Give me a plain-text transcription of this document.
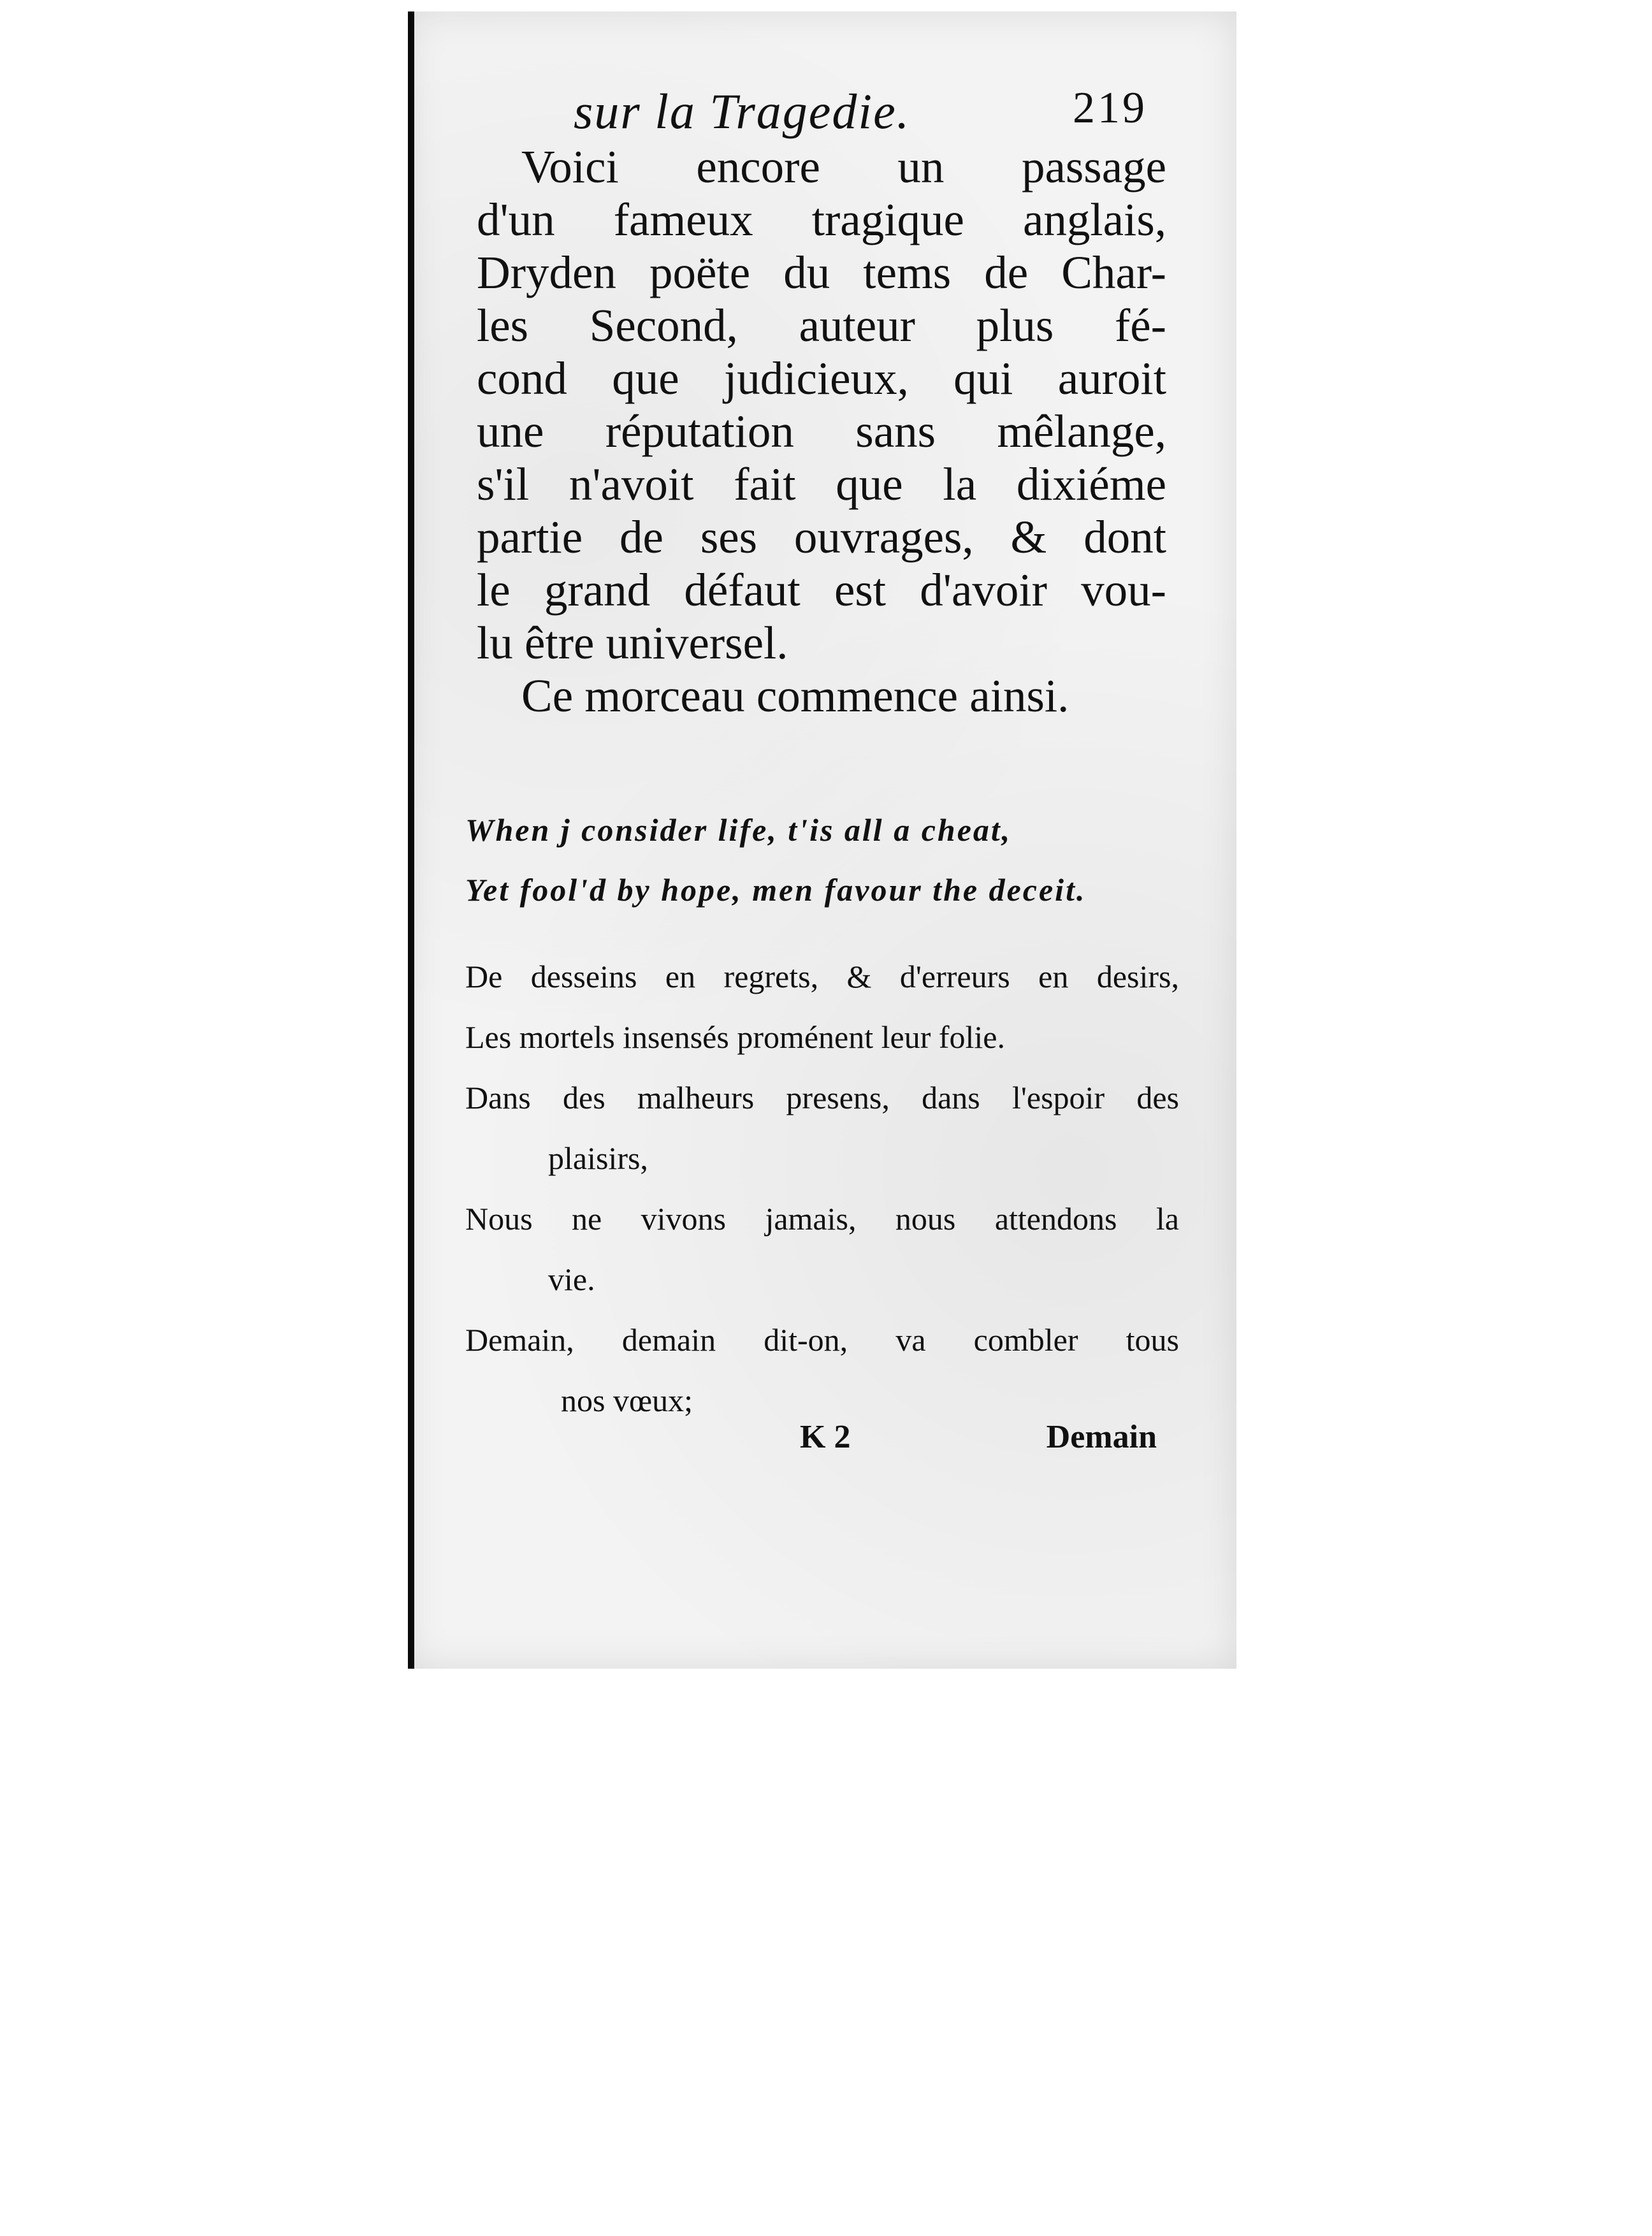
sur la Tragedie.	219
Voici encore un passage
d'un fameux tragique anglais,
Dryden poëte du tems de Char-
les Second, auteur plus fé-
cond que judicieux, qui auroit
une réputation sans mêlange,
s'il n'avoit fait que la dixiéme
partie de ses ouvrages, & dont
le grand défaut est d'avoir vou-
lu être universel.
Ce morceau commence ainsi.
When j consider life, t'is all a cheat,
Yet fool'd by hope, men favour the deceit.
De desseins en regrets, & d'erreurs en desirs,
Les mortels insensés proménent leur folie.
Dans des malheurs presens, dans l'espoir des
plaisirs,
Nous ne vivons jamais, nous attendons la
vie.
Demain, demain dit-on, va combler tous
nos vœux;
K 2	Demain
